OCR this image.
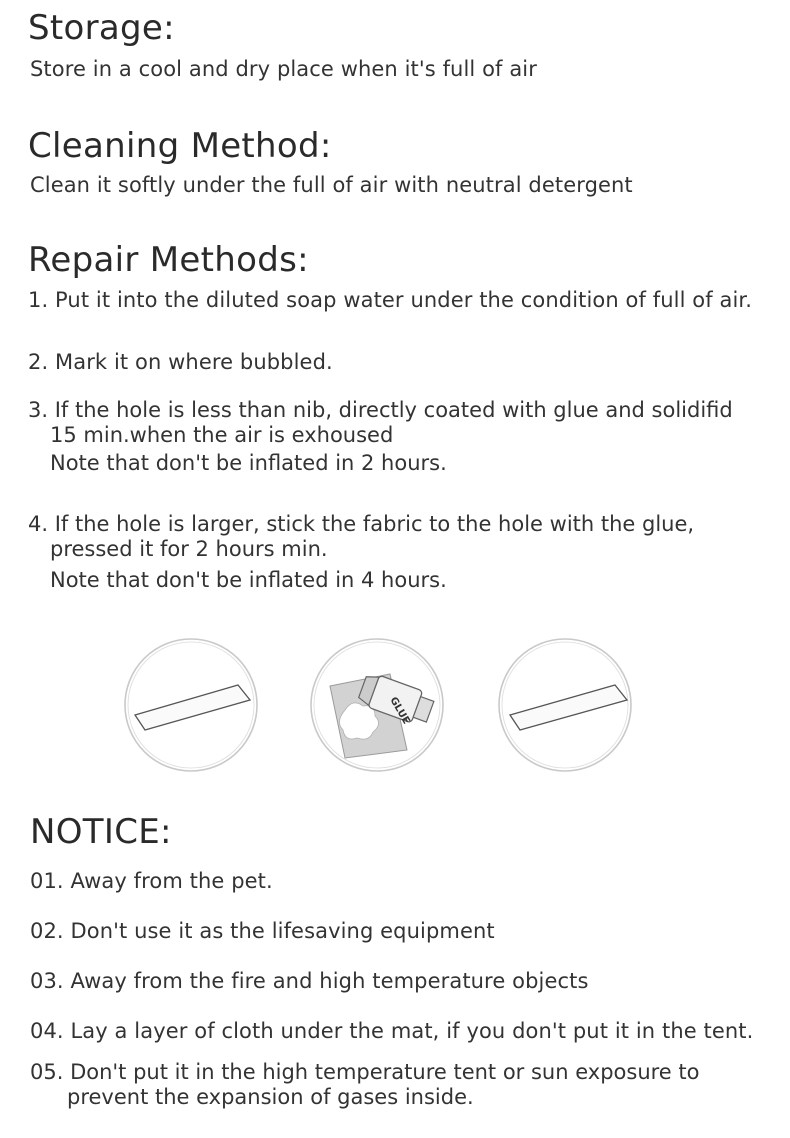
Storage:
Store in a cool and dry place when it's full of air
Cleaning Method:
Clean it softly under the full of air with neutral detergent
Repair Methods:
1. Put it into the diluted soap water under the condition of full of air.
2. Mark it on where bubbled.
3. If the hole is less than nib, directly coated with glue and solidifid
15 min.when the air is exhoused
Note that don't be inflated in 2 hours.
4. If the hole is larger, stick the fabric to the hole with the glue,
pressed it for 2 hours min.
Note that don't be inflated in 4 hours.
GLUE
NOTICE:
01. Away from the pet.
02. Don't use it as the lifesaving equipment
03. Away from the fire and high temperature objects
04. Lay a layer of cloth under the mat, if you don't put it in the tent.
05. Don't put it in the high temperature tent or sun exposure to
prevent the expansion of gases inside.
